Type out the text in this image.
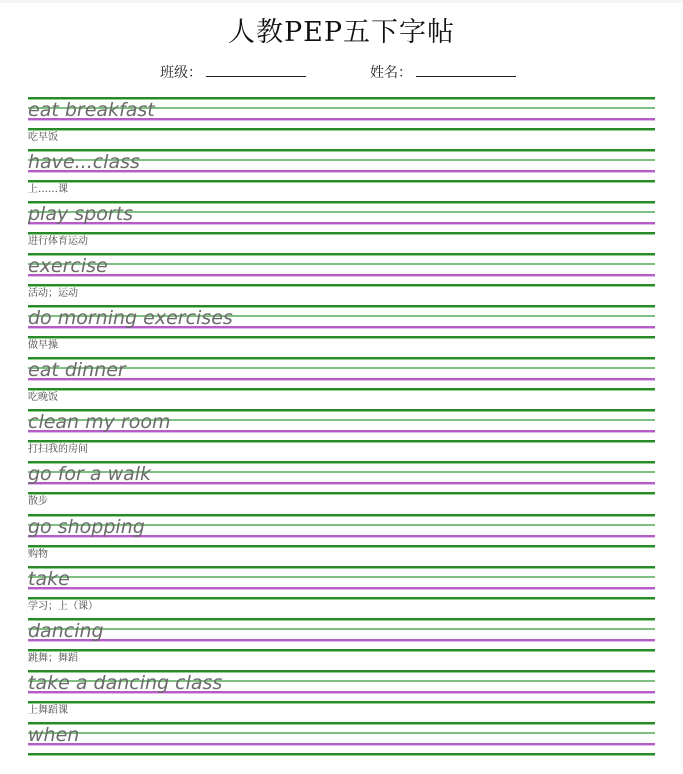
人教PEP五下字帖
班级：	姓名：
eat breakfast
吃早饭
have...class
上……课
play sports
进行体育运动
exercise
活动；运动
do morning exercises
做早操
eat dinner
吃晚饭
clean my room
打扫我的房间
go for a walk
散步
go shopping
购物
take
学习；上（课）
dancing
跳舞；舞蹈
take a dancing class
上舞蹈课
when
